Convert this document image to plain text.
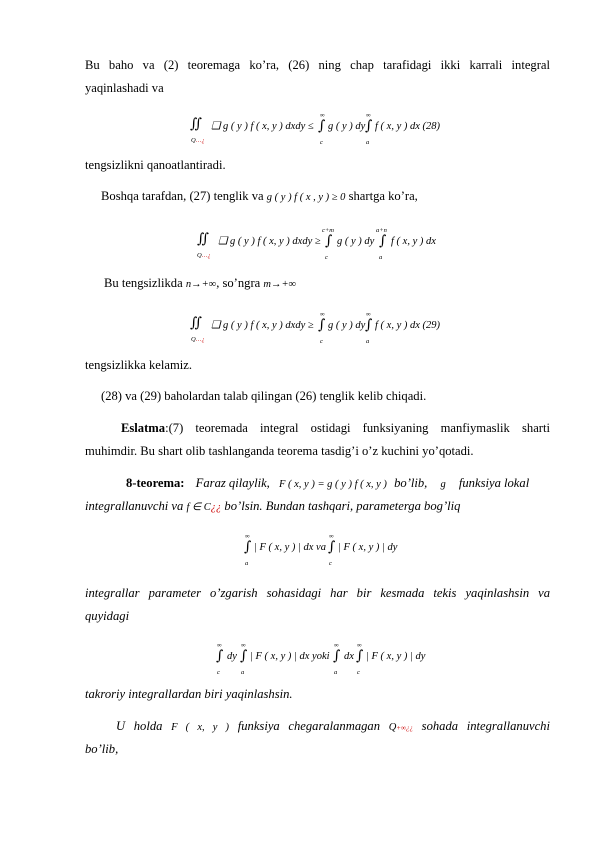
Bu baho va (2) teoremaga ko’ra, (26) ning chap tarafidagi ikki karrali integral
yaqinlashadi va
∬
Q…¿
❑ g ( y ) f ( x, y ) dxdy ≤ ∫
∞
c
g ( y ) dy ∫
∞
a
f ( x, y ) dx (28)
tengsizlikni qanoatlantiradi.
Boshqa tarafdan, (27) tenglik va g ( y ) f ( x , y ) ≥ 0 shartga ko’ra,
∬
Q…¿
❑ g ( y ) f ( x, y ) dxdy ≥ ∫
c+m
c
g ( y ) dy ∫
a+n
a
f ( x, y ) dx
Bu tengsizlikda n→+∞, so’ngra m→+∞
∬
Q…¿
❑ g ( y ) f ( x, y ) dxdy ≥ ∫
∞
c
g ( y ) dy ∫
∞
a
f ( x, y ) dx (29)
tengsizlikka kelamiz.
(28) va (29) baholardan talab qilingan (26) tenglik kelib chiqadi.
Eslatma:(7) teoremada integral ostidagi funksiyaning manfiymaslik sharti
muhimdir. Bu shart olib tashlanganda teorema tasdig’i o’z kuchini yo’qotadi.
8-teorema: Faraz qilaylik, F ( x, y ) = g ( y ) f ( x, y ) bo’lib, g funksiya lokal
integrallanuvchi va f ∈ C¿¿ bo’lsin. Bundan tashqari, parameterga bog’liq
∫
∞
a
| F ( x, y ) | dx va ∫
∞
c
| F ( x, y ) | dy
integrallar parameter o’zgarish sohasidagi har bir kesmada tekis yaqinlashsin va
quyidagi
∫
∞
c
dy ∫
∞
a
| F ( x, y ) | dx yoki ∫
∞
a
dx ∫
∞
c
| F ( x, y ) | dy
takroriy integrallardan biri yaqinlashsin.
U holda F ( x, y ) funksiya chegaralanmagan Q+∞¿¿ sohada integrallanuvchi
bo’lib,
